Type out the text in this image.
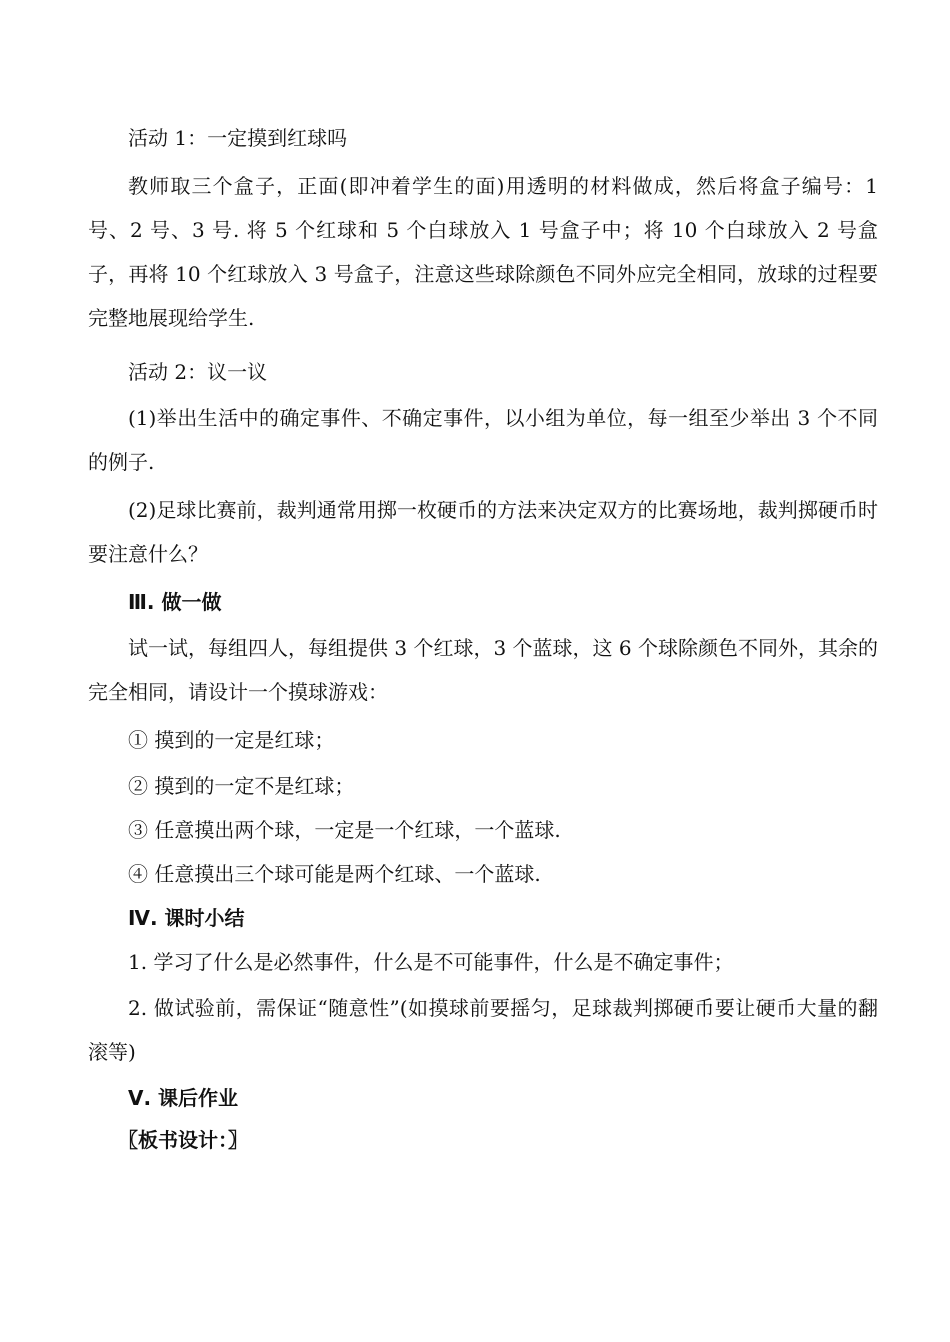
活动 1：一定摸到红球吗

教师取三个盒子，正面(即冲着学生的面)用透明的材料做成，然后将盒子编号：1 号、2 号、3 号. 将 5 个红球和 5 个白球放入 1 号盒子中；将 10 个白球放入 2 号盒子，再将 10 个红球放入 3 号盒子，注意这些球除颜色不同外应完全相同，放球的过程要完整地展现给学生.

活动 2：议一议

(1)举出生活中的确定事件、不确定事件，以小组为单位，每一组至少举出 3 个不同的例子.

(2)足球比赛前，裁判通常用掷一枚硬币的方法来决定双方的比赛场地，裁判掷硬币时要注意什么？

Ⅲ. 做一做

试一试，每组四人，每组提供 3 个红球，3 个蓝球，这 6 个球除颜色不同外，其余的完全相同，请设计一个摸球游戏：

① 摸到的一定是红球；

② 摸到的一定不是红球；

③ 任意摸出两个球，一定是一个红球，一个蓝球.

④ 任意摸出三个球可能是两个红球、一个蓝球.

Ⅳ. 课时小结

1. 学习了什么是必然事件，什么是不可能事件，什么是不确定事件；

2. 做试验前，需保证“随意性”(如摸球前要摇匀，足球裁判掷硬币要让硬币大量的翻滚等)

Ⅴ. 课后作业

〖板书设计：〗
